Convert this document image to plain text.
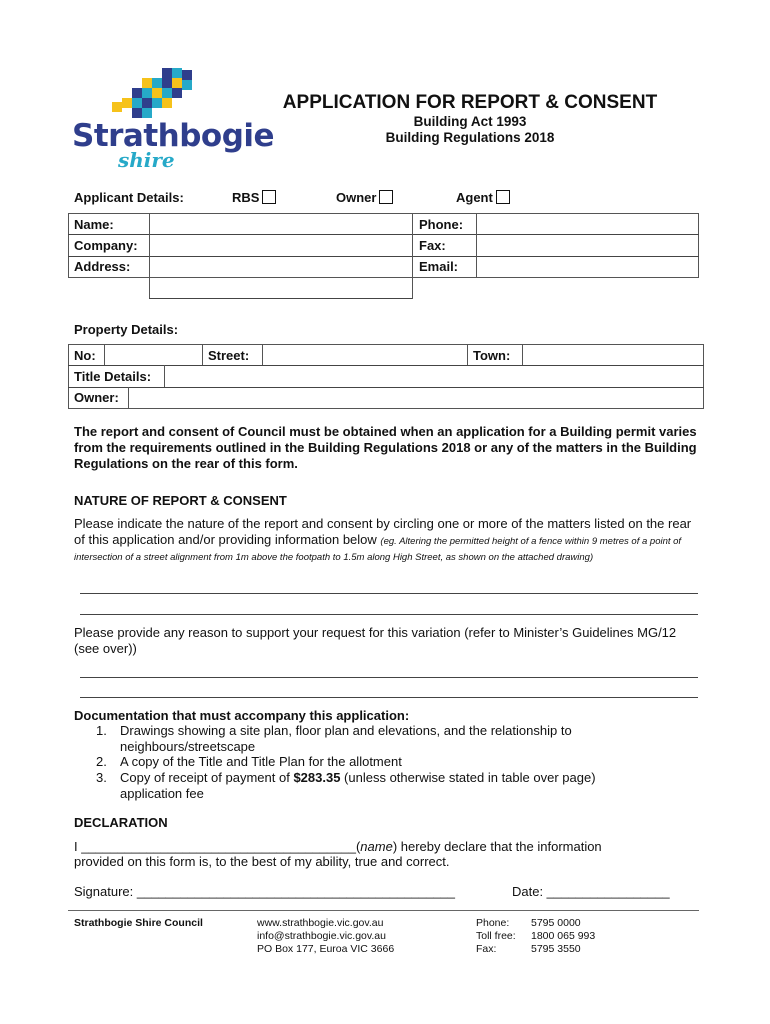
Strathbogie
shire
APPLICATION FOR REPORT & CONSENT
Building Act 1993
Building Regulations 2018
Applicant Details:	RBS	Owner	Agent
Name:
Company:
Address:
Phone:
Fax:
Email:
Property Details:
No:	Street:	Town:
Title Details:
Owner:
The report and consent of Council must be obtained when an application for a Building permit varies from the requirements outlined in the Building Regulations 2018 or any of the matters in the Building Regulations on the rear of this form.
NATURE OF REPORT & CONSENT
Please indicate the nature of the report and consent by circling one or more of the matters listed on the rear of this application and/or providing information below (eg. Altering the permitted height of a fence within 9 metres of a point of intersection of a street alignment from 1m above the footpath to 1.5m along High Street, as shown on the attached drawing)
Please provide any reason to support your request for this variation (refer to Minister’s Guidelines MG/12 (see over))
Documentation that must accompany this application:
1. Drawings showing a site plan, floor plan and elevations, and the relationship to neighbours/streetscape
2. A copy of the Title and Title Plan for the allotment
3. Copy of receipt of payment of $283.35 (unless otherwise stated in table over page) application fee
DECLARATION
I ______________________________________(name) hereby declare that the information
provided on this form is, to the best of my ability, true and correct.
Signature: ____________________________________________	Date: _________________
Strathbogie Shire Council	www.strathbogie.vic.gov.au
info@strathbogie.vic.gov.au
PO Box 177, Euroa VIC 3666
Phone: 5795 0000
Toll free: 1800 065 993
Fax:	5795 3550
